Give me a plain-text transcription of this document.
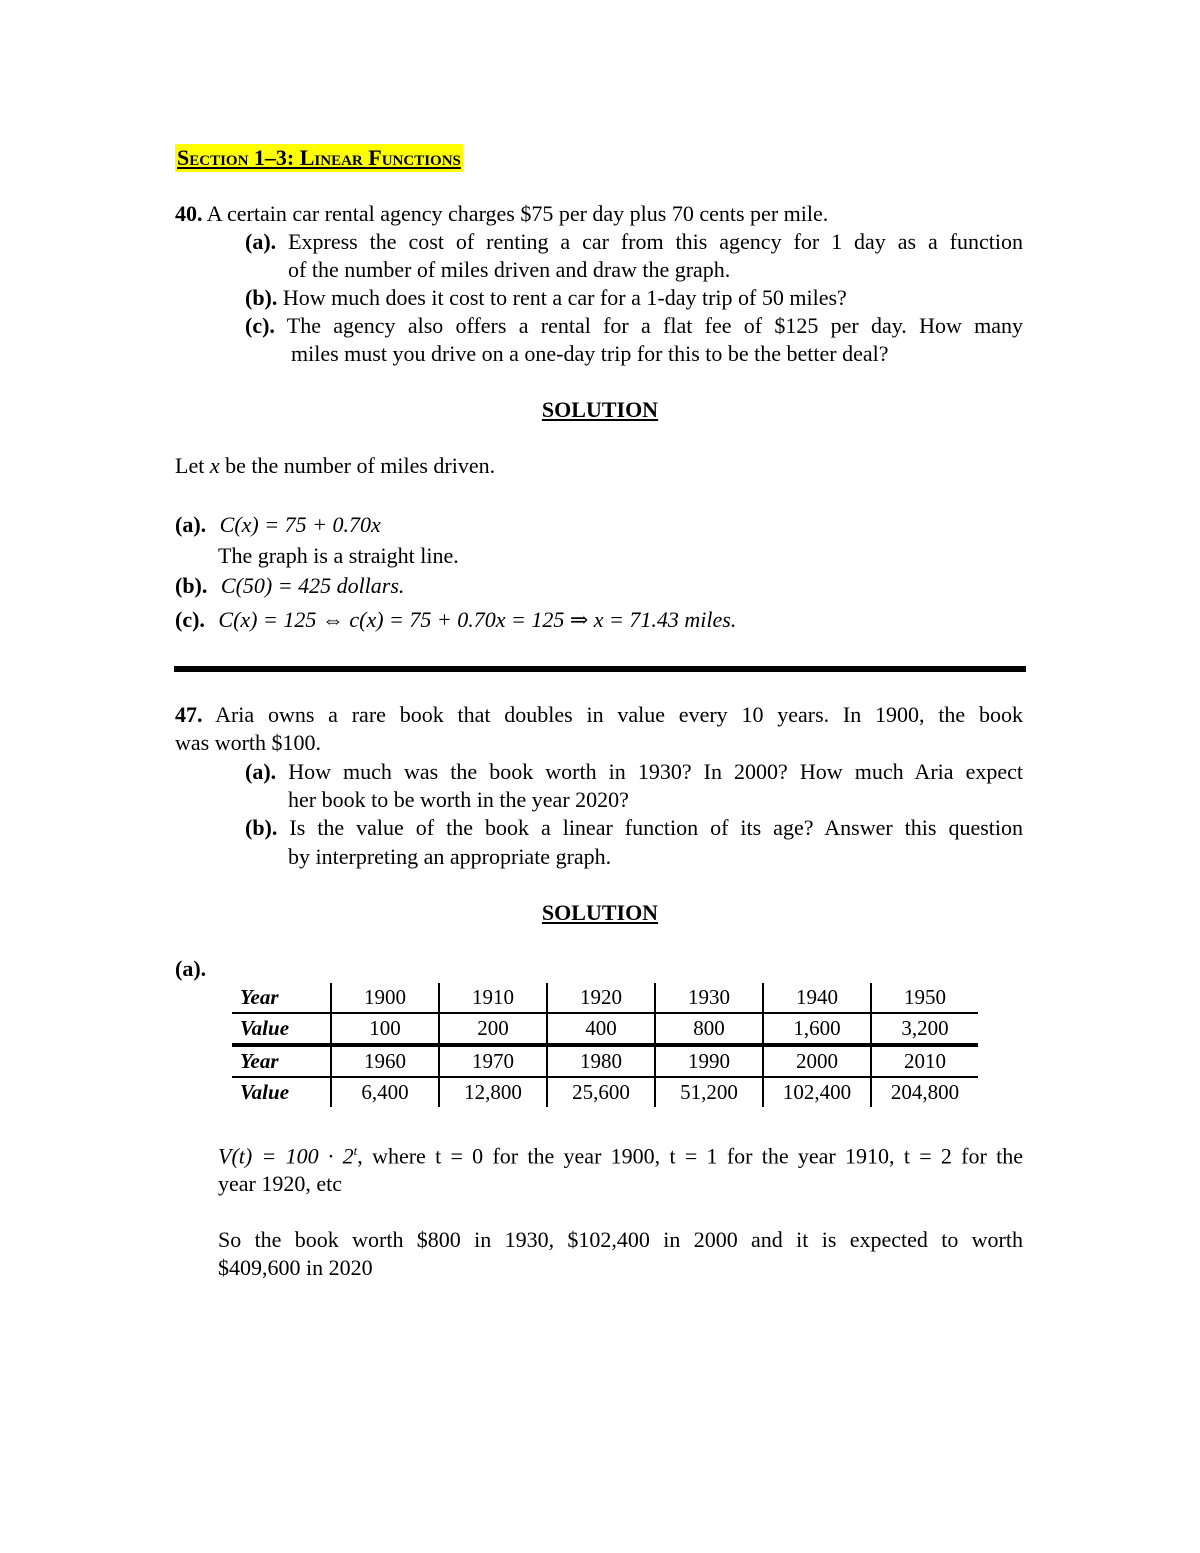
Section 1–3: Linear Functions
40. A certain car rental agency charges $75 per day plus 70 cents per mile.
(a). Express the cost of renting a car from this agency for 1 day as a function
of the number of miles driven and draw the graph.
(b). How much does it cost to rent a car for a 1-day trip of 50 miles?
(c). The agency also offers a rental for a flat fee of $125 per day. How many
miles must you drive on a one-day trip for this to be the better deal?
SOLUTION
Let x be the number of miles driven.
(a). C(x) = 75 + 0.70x
The graph is a straight line.
(b). C(50) = 425 dollars.
(c). C(x) = 125 ⇔ c(x) = 75 + 0.70x = 125 ⇒ x = 71.43 miles.
47. Aria owns a rare book that doubles in value every 10 years. In 1900, the book
was worth $100.
(a). How much was the book worth in 1930? In 2000? How much Aria expect
her book to be worth in the year 2020?
(b). Is the value of the book a linear function of its age? Answer this question
by interpreting an appropriate graph.
SOLUTION
(a).
Year	1900	1910	1920	1930	1940	1950
Value	100	200	400	800	1,600	3,200
Year	1960	1970	1980	1990	2000	2010
Value	6,400	12,800	25,600	51,200	102,400	204,800
$V(t) = 100 \cdot 2^t$, where t = 0 for the year 1900, t = 1 for the year 1910, t = 2 for the
year 1920, etc
So the book worth $800 in 1930, $102,400 in 2000 and it is expected to worth
$409,600 in 2020
